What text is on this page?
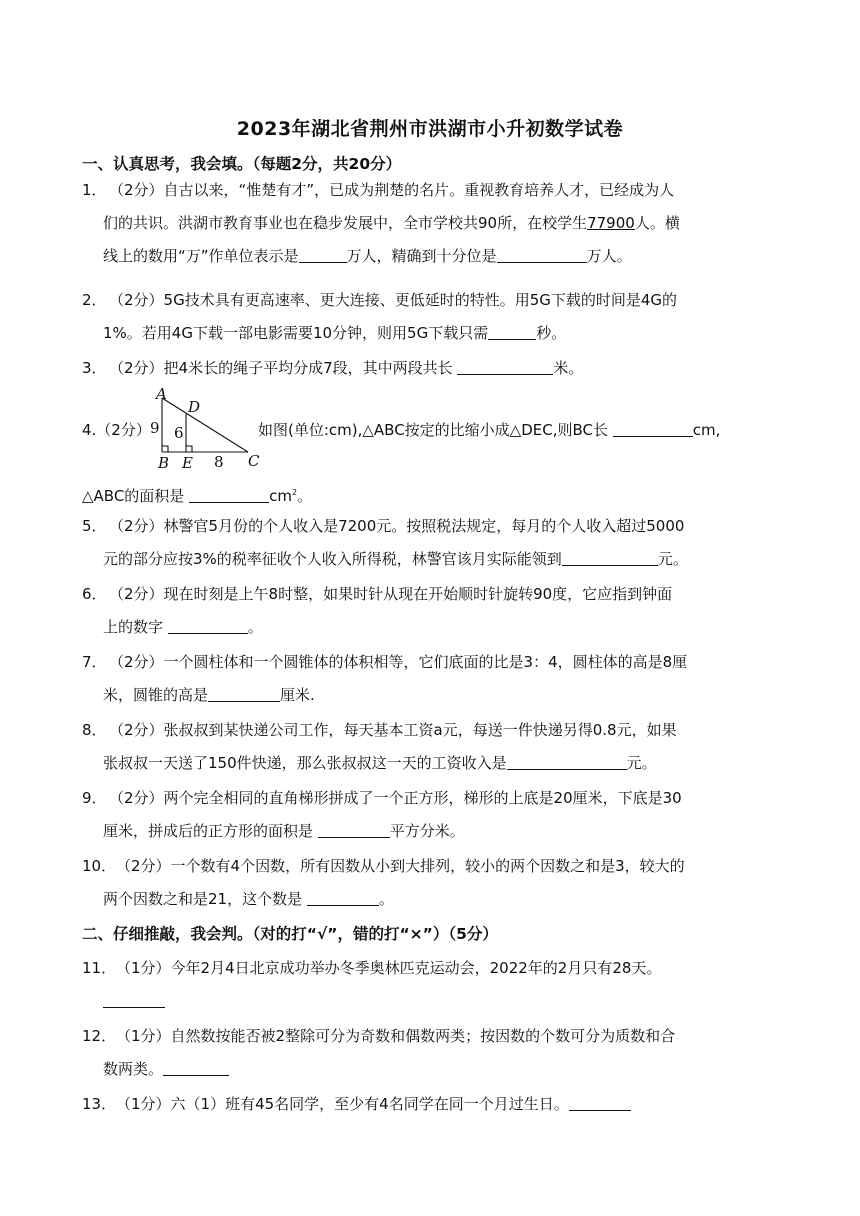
2023年湖北省荆州市洪湖市小升初数学试卷
一、认真思考，我会填。（每题2分，共20分）
1． （2分）自古以来，“惟楚有才”，已成为荆楚的名片。重视教育培养人才，已经成为人
们的共识。洪湖市教育事业也在稳步发展中，全市学校共90所，在校学生77900人。横
线上的数用“万”作单位表示是	万人，精确到十分位是	万人。
2． （2分）5G技术具有更高速率、更大连接、更低延时的特性。用5G下载的时间是4G的
1%。若用4G下载一部电影需要10分钟，则用5G下载只需	秒。
3． （2分）把4米长的绳子平均分成7段，其中两段共长	米。
4.（2分）
A
D
B E	C
9 6
8
如图(单位:cm),△ABC按定的比缩小成△DEC,则BC长	cm,
△ABC的面积是	$cm^2$。
5． （2分）林警官5月份的个人收入是7200元。按照税法规定，每月的个人收入超过5000
元的部分应按3%的税率征收个人收入所得税，林警官该月实际能领到	元。
6． （2分）现在时刻是上午8时整，如果时针从现在开始顺时针旋转90度，它应指到钟面
上的数字	。
7． （2分）一个圆柱体和一个圆锥体的体积相等，它们底面的比是3：4，圆柱体的高是8厘
米，圆锥的高是	厘米.
8． （2分）张叔叔到某快递公司工作，每天基本工资a元，每送一件快递另得0.8元，如果
张叔叔一天送了150件快递，那么张叔叔这一天的工资收入是	元。
9． （2分）两个完全相同的直角梯形拼成了一个正方形，梯形的上底是20厘米，下底是30
厘米，拼成后的正方形的面积是	平方分米。
10． （2分）一个数有4个因数，所有因数从小到大排列，较小的两个因数之和是3，较大的
两个因数之和是21，这个数是	。
二、仔细推敲，我会判。（对的打“√”，错的打“×”）（5分）
11． （1分）今年2月4日北京成功举办冬季奥林匹克运动会，2022年的2月只有28天。
12． （1分）自然数按能否被2整除可分为奇数和偶数两类；按因数的个数可分为质数和合
数两类。
13． （1分）六（1）班有45名同学，至少有4名同学在同一个月过生日。
